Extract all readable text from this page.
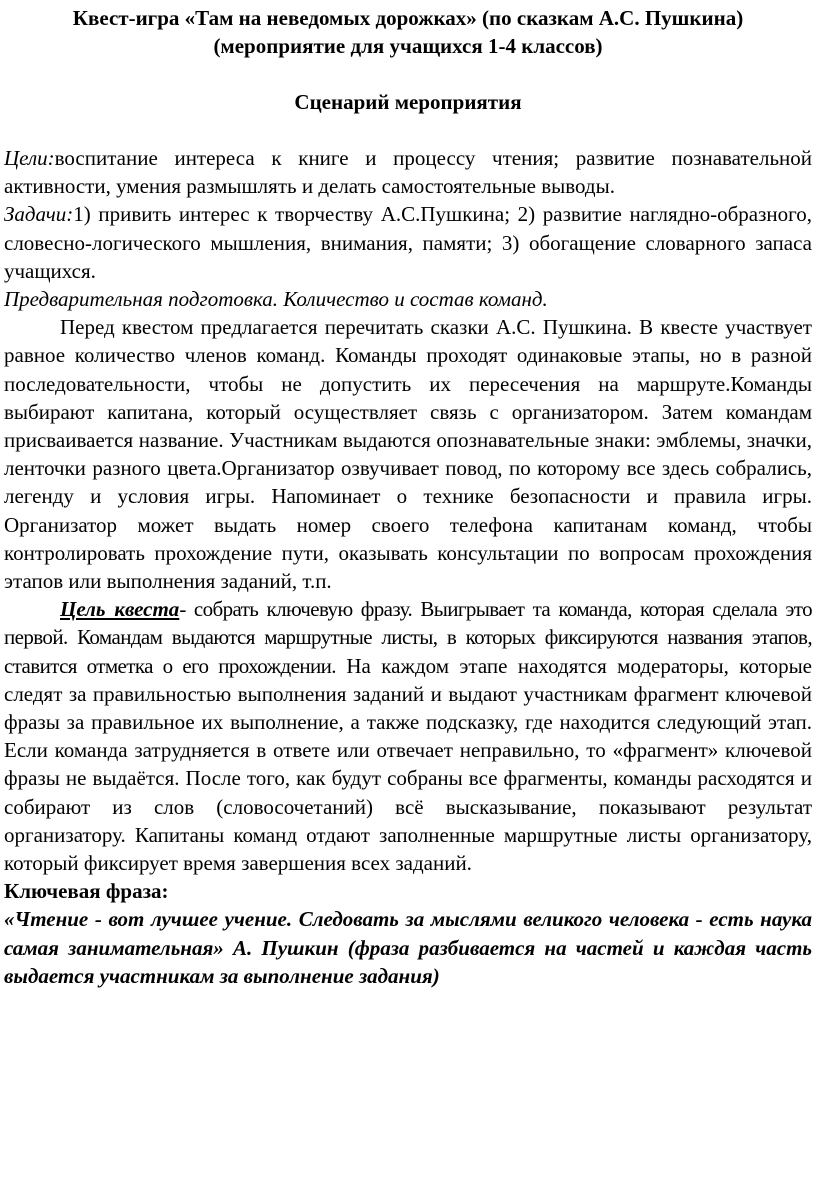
Квест-игра «Там на неведомых дорожках» (по сказкам А.С. Пушкина)

(мероприятие для учащихся 1-4 классов)

Сценарий мероприятия

Цели:воспитание интереса к книге и процессу чтения; развитие познавательной активности, умения размышлять и делать самостоятельные выводы.

Задачи:1) привить интерес к творчеству А.С.Пушкина; 2) развитие наглядно-образного, словесно-логического мышления, внимания, памяти; 3) обогащение словарного запаса учащихся.

Предварительная подготовка. Количество и состав команд.

Перед квестом предлагается перечитать сказки А.С. Пушкина. В квесте участвует равное количество членов команд. Команды проходят одинаковые этапы, но в разной последовательности, чтобы не допустить их пересечения на маршруте.Команды выбирают капитана, который осуществляет связь с организатором. Затем командам присваивается название. Участникам выдаются опознавательные знаки: эмблемы, значки, ленточки разного цвета.Организатор озвучивает повод, по которому все здесь собрались, легенду и условия игры. Напоминает о технике безопасности и правила игры. Организатор может выдать номер своего телефона капитанам команд, чтобы контролировать прохождение пути, оказывать консультации по вопросам прохождения этапов или выполнения заданий, т.п.

Цель квеста- собрать ключевую фразу. Выигрывает та команда, которая сделала это первой. Командам выдаются маршрутные листы, в которых фиксируются названия этапов, ставится отметка о его прохождении. На каждом этапе находятся модераторы, которые следят за правильностью выполнения заданий и выдают участникам фрагмент ключевой фразы за правильное их выполнение, а также подсказку, где находится следующий этап. Если команда затрудняется в ответе или отвечает неправильно, то «фрагмент» ключевой фразы не выдаётся. После того, как будут собраны все фрагменты, команды расходятся и собирают из слов (словосочетаний) всё высказывание, показывают результат организатору. Капитаны команд отдают заполненные маршрутные листы организатору, который фиксирует время завершения всех заданий.

Ключевая фраза:

«Чтение - вот лучшее учение. Следовать за мыслями великого человека - есть наука самая занимательная» А. Пушкин (фраза разбивается на частей и каждая часть выдается участникам за выполнение задания)
